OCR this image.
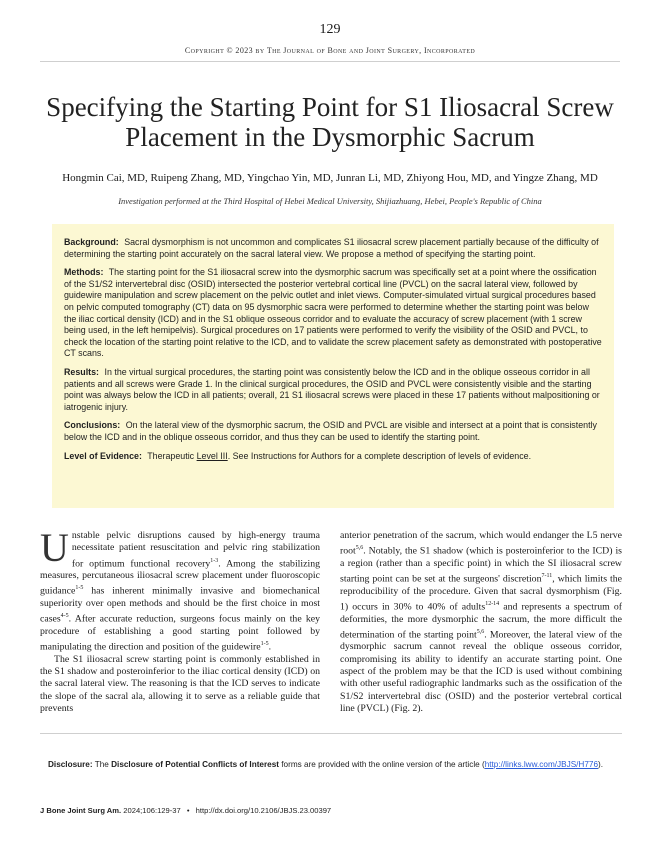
129
Copyright © 2023 by The Journal of Bone and Joint Surgery, Incorporated
Specifying the Starting Point for S1 Iliosacral Screw Placement in the Dysmorphic Sacrum
Hongmin Cai, MD, Ruipeng Zhang, MD, Yingchao Yin, MD, Junran Li, MD, Zhiyong Hou, MD, and Yingze Zhang, MD
Investigation performed at the Third Hospital of Hebei Medical University, Shijiazhuang, Hebei, People's Republic of China

Background: Sacral dysmorphism is not uncommon and complicates S1 iliosacral screw placement partially because of the difficulty of determining the starting point accurately on the sacral lateral view. We propose a method of specifying the starting point.

Methods: The starting point for the S1 iliosacral screw into the dysmorphic sacrum was specifically set at a point where the ossification of the S1/S2 intervertebral disc (OSID) intersected the posterior vertebral cortical line (PVCL) on the sacral lateral view, followed by guidewire manipulation and screw placement on the pelvic outlet and inlet views. Computer-simulated virtual surgical procedures based on pelvic computed tomography (CT) data on 95 dysmorphic sacra were performed to determine whether the starting point was below the iliac cortical density (ICD) and in the S1 oblique osseous corridor and to evaluate the accuracy of screw placement (with 1 screw being used, in the left hemipelvis). Surgical procedures on 17 patients were performed to verify the visibility of the OSID and PVCL, to check the location of the starting point relative to the ICD, and to validate the screw placement safety as demonstrated with postoperative CT scans.

Results: In the virtual surgical procedures, the starting point was consistently below the ICD and in the oblique osseous corridor in all patients and all screws were Grade 1. In the clinical surgical procedures, the OSID and PVCL were consistently visible and the starting point was always below the ICD in all patients; overall, 21 S1 iliosacral screws were placed in these 17 patients without malpositioning or iatrogenic injury.

Conclusions: On the lateral view of the dysmorphic sacrum, the OSID and PVCL are visible and intersect at a point that is consistently below the ICD and in the oblique osseous corridor, and thus they can be used to identify the starting point.

Level of Evidence: Therapeutic Level III. See Instructions for Authors for a complete description of levels of evidence.

Unstable pelvic disruptions caused by high-energy trauma necessitate patient resuscitation and pelvic ring stabilization for optimum functional recovery$^{1-3}$. Among the stabilizing measures, percutaneous iliosacral screw placement under fluoroscopic guidance$^{1-5}$ has inherent minimally invasive and biomechanical superiority over open methods and should be the first choice in most cases$^{4-5}$. After accurate reduction, surgeons focus mainly on the key procedure of establishing a good starting point followed by manipulating the direction and position of the guidewire$^{1-5}$.

The S1 iliosacral screw starting point is commonly established in the S1 shadow and posteroinferior to the iliac cortical density (ICD) on the sacral lateral view. The reasoning is that the ICD serves to indicate the slope of the sacral ala, allowing it to serve as a reliable guide that prevents

anterior penetration of the sacrum, which would endanger the L5 nerve root$^{5,6}$. Notably, the S1 shadow (which is posteroinferior to the ICD) is a region (rather than a specific point) in which the SI iliosacral screw starting point can be set at the surgeons' discretion$^{7-11}$, which limits the reproducibility of the procedure. Given that sacral dysmorphism (Fig. 1) occurs in 30% to 40% of adults$^{12-14}$ and represents a spectrum of deformities, the more dysmorphic the sacrum, the more difficult the determination of the starting point$^{5,6}$. Moreover, the lateral view of the dysmorphic sacrum cannot reveal the oblique osseous corridor, compromising its ability to identify an accurate starting point. One aspect of the problem may be that the ICD is used without combining with other useful radiographic landmarks such as the ossification of the S1/S2 intervertebral disc (OSID) and the posterior vertebral cortical line (PVCL) (Fig. 2).

Disclosure: The Disclosure of Potential Conflicts of Interest forms are provided with the online version of the article (http://links.lww.com/JBJS/H776).
J Bone Joint Surg Am. 2024;106:129-37 • http://dx.doi.org/10.2106/JBJS.23.00397
